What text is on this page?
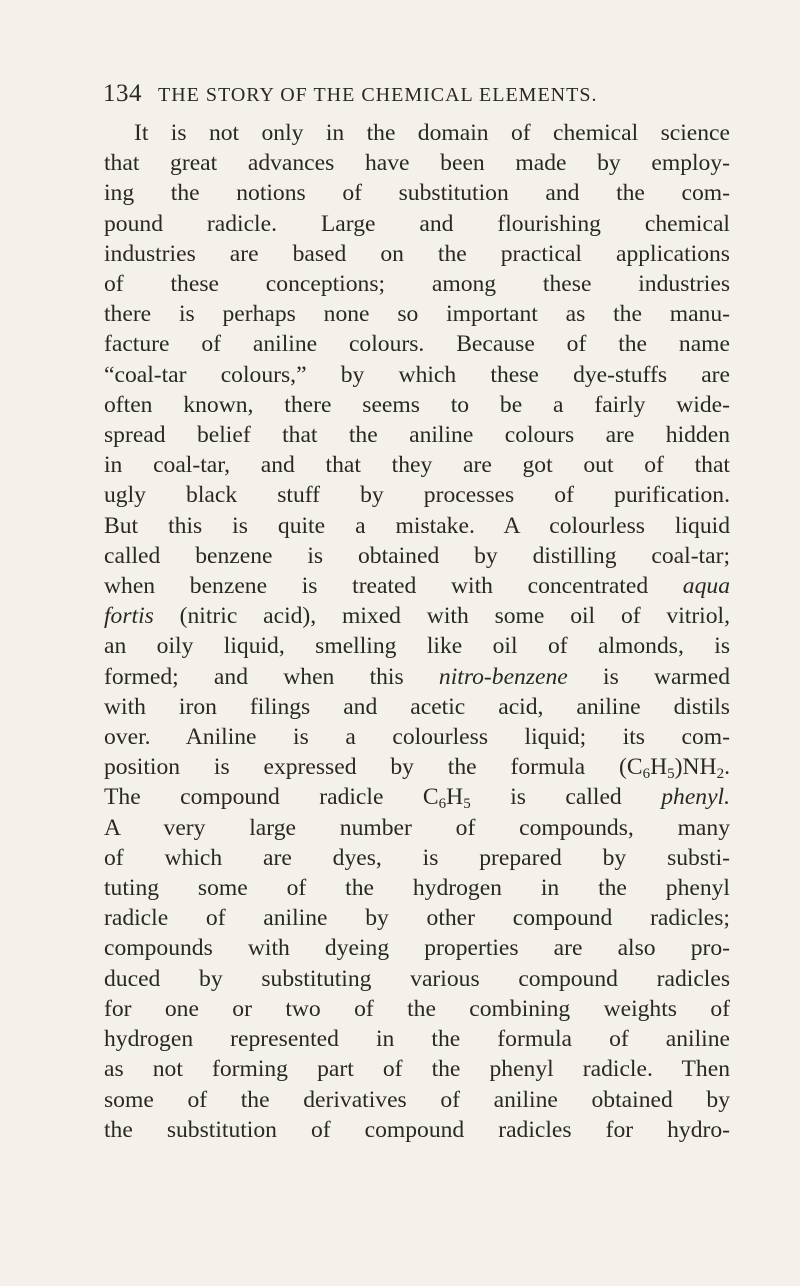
134 THE STORY OF THE CHEMICAL ELEMENTS.
It is not only in the domain of chemical science
that great advances have been made by employ-
ing the notions of substitution and the com-
pound radicle. Large and flourishing chemical
industries are based on the practical applications
of these conceptions; among these industries
there is perhaps none so important as the manu-
facture of aniline colours. Because of the name
“coal-tar colours,” by which these dye-stuffs are
often known, there seems to be a fairly wide-
spread belief that the aniline colours are hidden
in coal-tar, and that they are got out of that
ugly black stuff by processes of purification.
But this is quite a mistake. A colourless liquid
called benzene is obtained by distilling coal-tar;
when benzene is treated with concentrated aqua
fortis (nitric acid), mixed with some oil of vitriol,
an oily liquid, smelling like oil of almonds, is
formed; and when this nitro-benzene is warmed
with iron filings and acetic acid, aniline distils
over. Aniline is a colourless liquid; its com-
position is expressed by the formula $(C_6H_5)NH_2$.
The compound radicle $C_6H_5$ is called phenyl.
A very large number of compounds, many
of which are dyes, is prepared by substi-
tuting some of the hydrogen in the phenyl
radicle of aniline by other compound radicles;
compounds with dyeing properties are also pro-
duced by substituting various compound radicles
for one or two of the combining weights of
hydrogen represented in the formula of aniline
as not forming part of the phenyl radicle. Then
some of the derivatives of aniline obtained by
the substitution of compound radicles for hydro-
